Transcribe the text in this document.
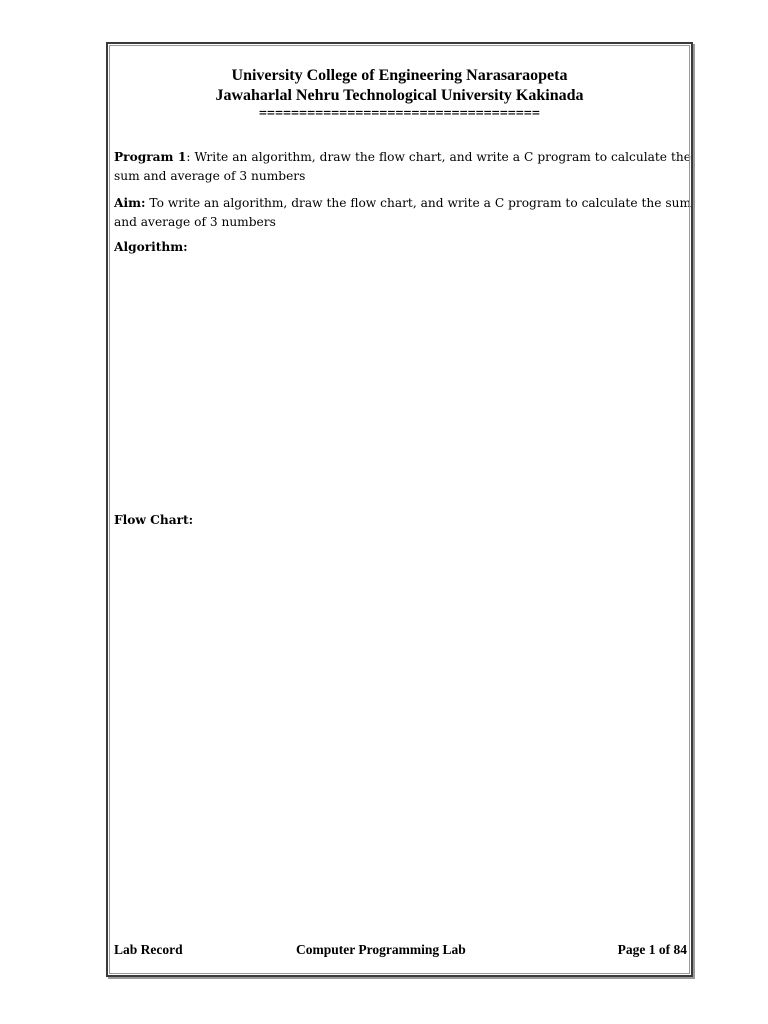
University College of Engineering Narasaraopeta
Jawaharlal Nehru Technological University Kakinada
===================================

Program 1: Write an algorithm, draw the flow chart, and write a C program to calculate the sum and average of 3 numbers

Aim: To write an algorithm, draw the flow chart, and write a C program to calculate the sum and average of 3 numbers

Algorithm:

Flow Chart:

Lab Record	Computer Programming Lab	Page 1 of 84
